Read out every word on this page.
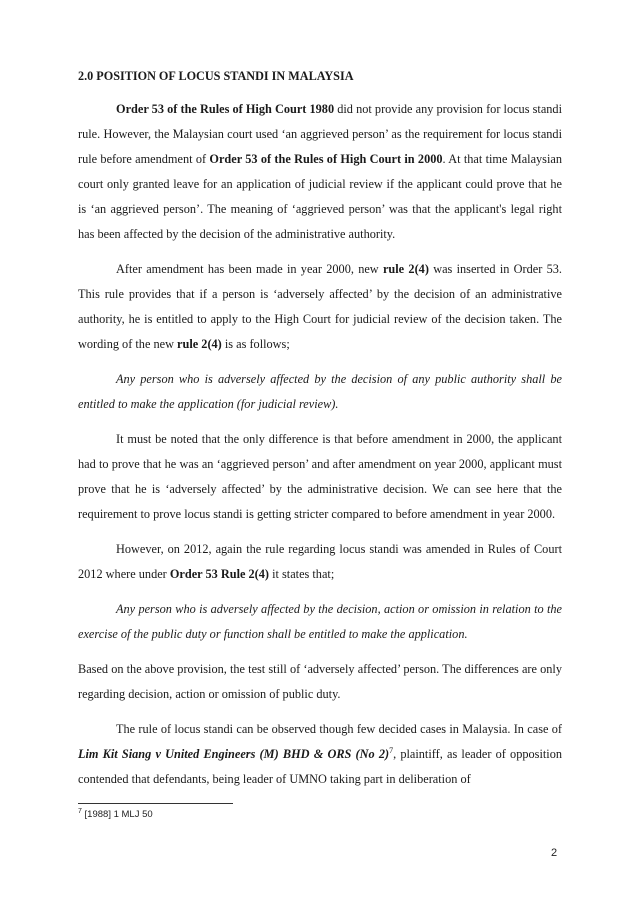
2.0 POSITION OF LOCUS STANDI IN MALAYSIA

Order 53 of the Rules of High Court 1980 did not provide any provision for locus standi rule. However, the Malaysian court used ‘an aggrieved person’ as the requirement for locus standi rule before amendment of Order 53 of the Rules of High Court in 2000. At that time Malaysian court only granted leave for an application of judicial review if the applicant could prove that he is ‘an aggrieved person’. The meaning of ‘aggrieved person’ was that the applicant's legal right has been affected by the decision of the administrative authority.

After amendment has been made in year 2000, new rule 2(4) was inserted in Order 53. This rule provides that if a person is ‘adversely affected’ by the decision of an administrative authority, he is entitled to apply to the High Court for judicial review of the decision taken. The wording of the new rule 2(4) is as follows;

Any person who is adversely affected by the decision of any public authority shall be entitled to make the application (for judicial review).

It must be noted that the only difference is that before amendment in 2000, the applicant had to prove that he was an ‘aggrieved person’ and after amendment on year 2000, applicant must prove that he is ‘adversely affected’ by the administrative decision. We can see here that the requirement to prove locus standi is getting stricter compared to before amendment in year 2000.

However, on 2012, again the rule regarding locus standi was amended in Rules of Court 2012 where under Order 53 Rule 2(4) it states that;

Any person who is adversely affected by the decision, action or omission in relation to the exercise of the public duty or function shall be entitled to make the application.

Based on the above provision, the test still of ‘adversely affected’ person. The differences are only regarding decision, action or omission of public duty.

The rule of locus standi can be observed though few decided cases in Malaysia. In case of Lim Kit Siang v United Engineers (M) BHD & ORS (No 2)$^7$, plaintiff, as leader of opposition contended that defendants, being leader of UMNO taking part in deliberation of

$^7$ [1988] 1 MLJ 50
2
